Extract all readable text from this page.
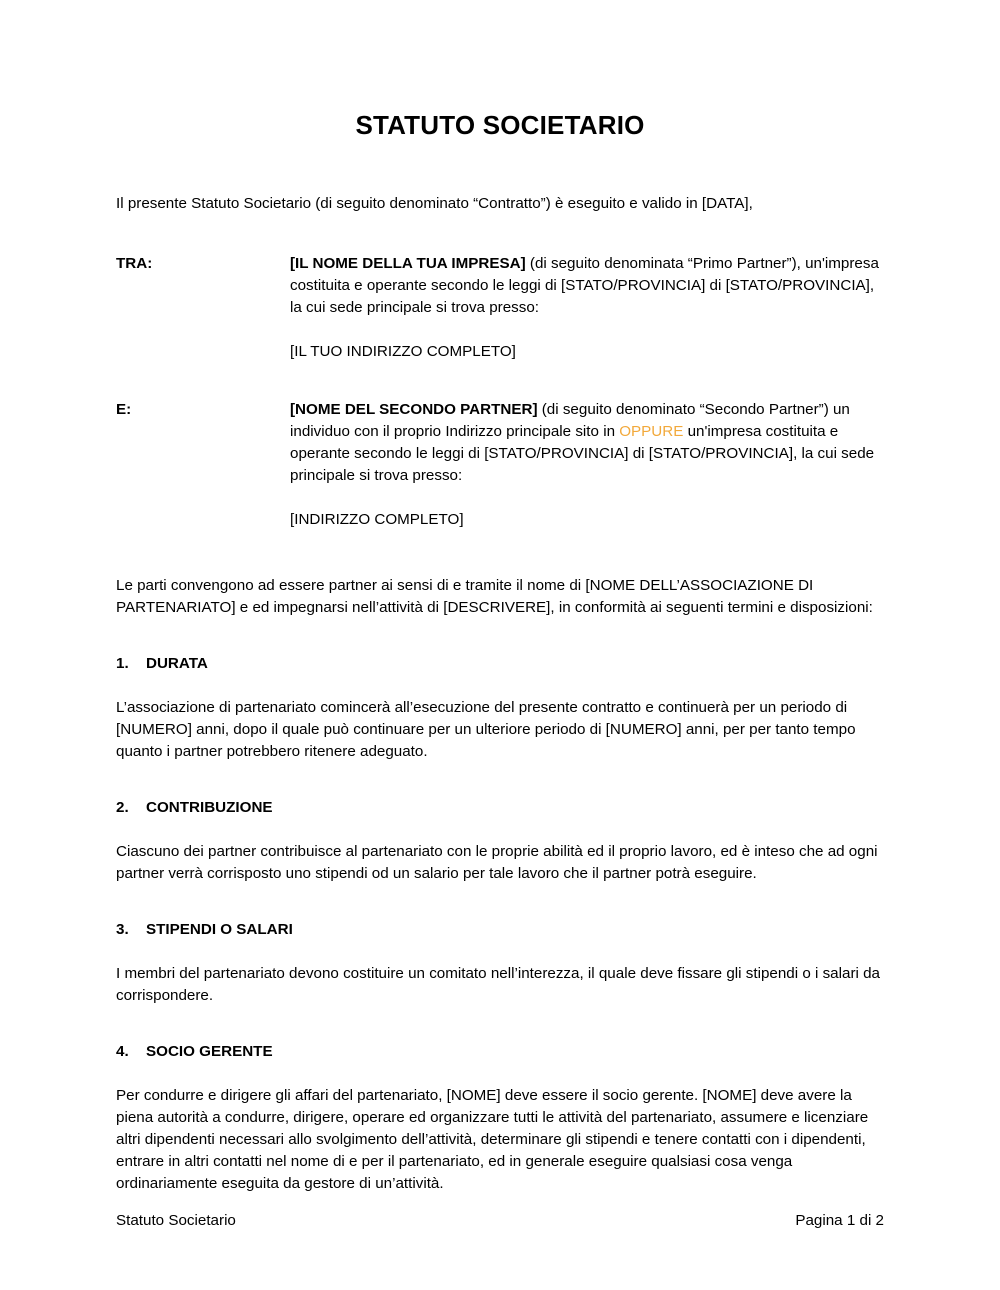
STATUTO SOCIETARIO

Il presente Statuto Societario (di seguito denominato “Contratto”) è eseguito e valido in [DATA],

TRA:	[IL NOME DELLA TUA IMPRESA] (di seguito denominata “Primo Partner”), un'impresa costituita e operante secondo le leggi di [STATO/PROVINCIA] di [STATO/PROVINCIA], la cui sede principale si trova presso:

[IL TUO INDIRIZZO COMPLETO]

E:	[NOME DEL SECONDO PARTNER] (di seguito denominato “Secondo Partner”) un individuo con il proprio Indirizzo principale sito in OPPURE un'impresa costituita e operante secondo le leggi di [STATO/PROVINCIA] di [STATO/PROVINCIA], la cui sede principale si trova presso:

[INDIRIZZO COMPLETO]

Le parti convengono ad essere partner ai sensi di e tramite il nome di [NOME DELL’ASSOCIAZIONE DI PARTENARIATO] e ed impegnarsi nell’attività di [DESCRIVERE], in conformità ai seguenti termini e disposizioni:

1.	DURATA

L’associazione di partenariato comincerà all’esecuzione del presente contratto e continuerà per un periodo di [NUMERO] anni, dopo il quale può continuare per un ulteriore periodo di [NUMERO] anni, per per tanto tempo quanto i partner potrebbero ritenere adeguato.

2.	CONTRIBUZIONE

Ciascuno dei partner contribuisce al partenariato con le proprie abilità ed il proprio lavoro, ed è inteso che ad ogni partner verrà corrisposto uno stipendi od un salario per tale lavoro che il partner potrà eseguire.

3.	STIPENDI O SALARI

I membri del partenariato devono costituire un comitato nell’interezza, il quale deve fissare gli stipendi o i salari da corrispondere.

4.	SOCIO GERENTE

Per condurre e dirigere gli affari del partenariato, [NOME] deve essere il socio gerente. [NOME] deve avere la piena autorità a condurre, dirigere, operare ed organizzare tutti le attività del partenariato, assumere e licenziare altri dipendenti necessari allo svolgimento dell’attività, determinare gli stipendi e tenere contatti con i dipendenti, entrare in altri contatti nel nome di e per il partenariato, ed in generale eseguire qualsiasi cosa venga ordinariamente eseguita da gestore di un’attività.

Statuto Societario	Pagina 1 di 2
